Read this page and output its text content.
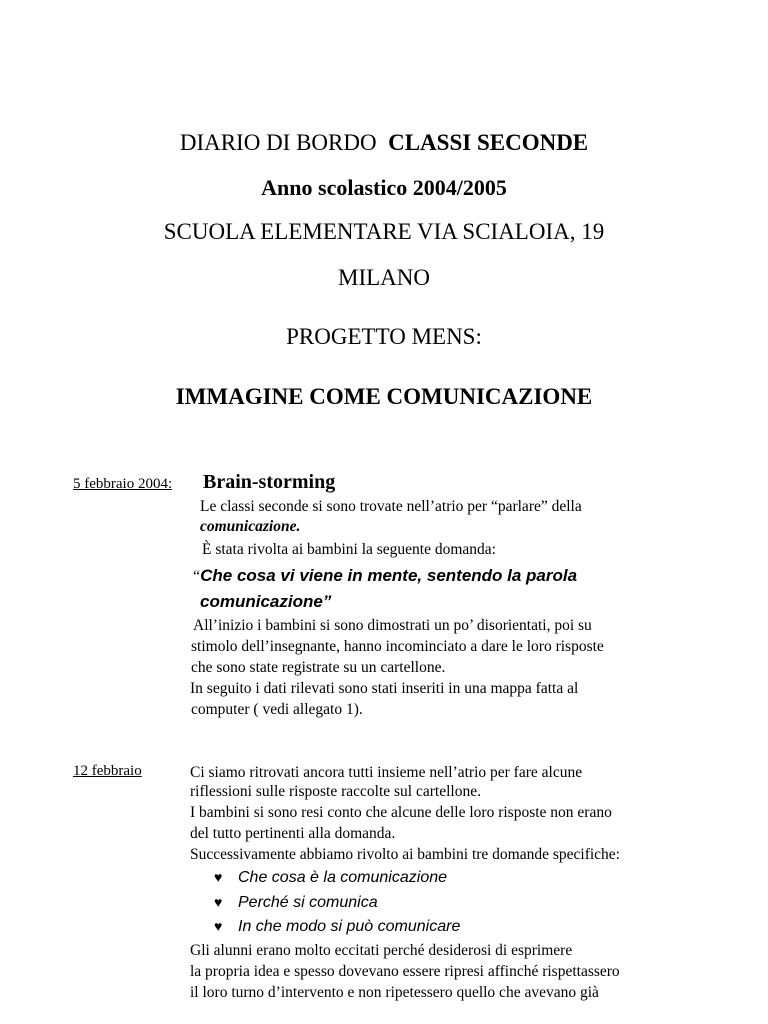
DIARIO DI BORDO CLASSI SECONDE
Anno scolastico 2004/2005
SCUOLA ELEMENTARE VIA SCIALOIA, 19
MILANO
PROGETTO MENS:
IMMAGINE COME COMUNICAZIONE
5 febbraio 2004: Brain-storming
Le classi seconde si sono trovate nell’atrio per “parlare” della
comunicazione.
È stata rivolta ai bambini la seguente domanda:
“Che cosa vi viene in mente, sentendo la parola
comunicazione”
All’inizio i bambini si sono dimostrati un po’ disorientati, poi su
stimolo dell’insegnante, hanno incominciato a dare le loro risposte
che sono state registrate su un cartellone.
In seguito i dati rilevati sono stati inseriti in una mappa fatta al
computer ( vedi allegato 1).
12 febbraio	Ci siamo ritrovati ancora tutti insieme nell’atrio per fare alcune
riflessioni sulle risposte raccolte sul cartellone.
I bambini si sono resi conto che alcune delle loro risposte non erano
del tutto pertinenti alla domanda.
Successivamente abbiamo rivolto ai bambini tre domande specifiche:
♥ Che cosa è la comunicazione
♥ Perché si comunica
♥ In che modo si può comunicare
Gli alunni erano molto eccitati perché desiderosi di esprimere
la propria idea e spesso dovevano essere ripresi affinché rispettassero
il loro turno d’intervento e non ripetessero quello che avevano già
